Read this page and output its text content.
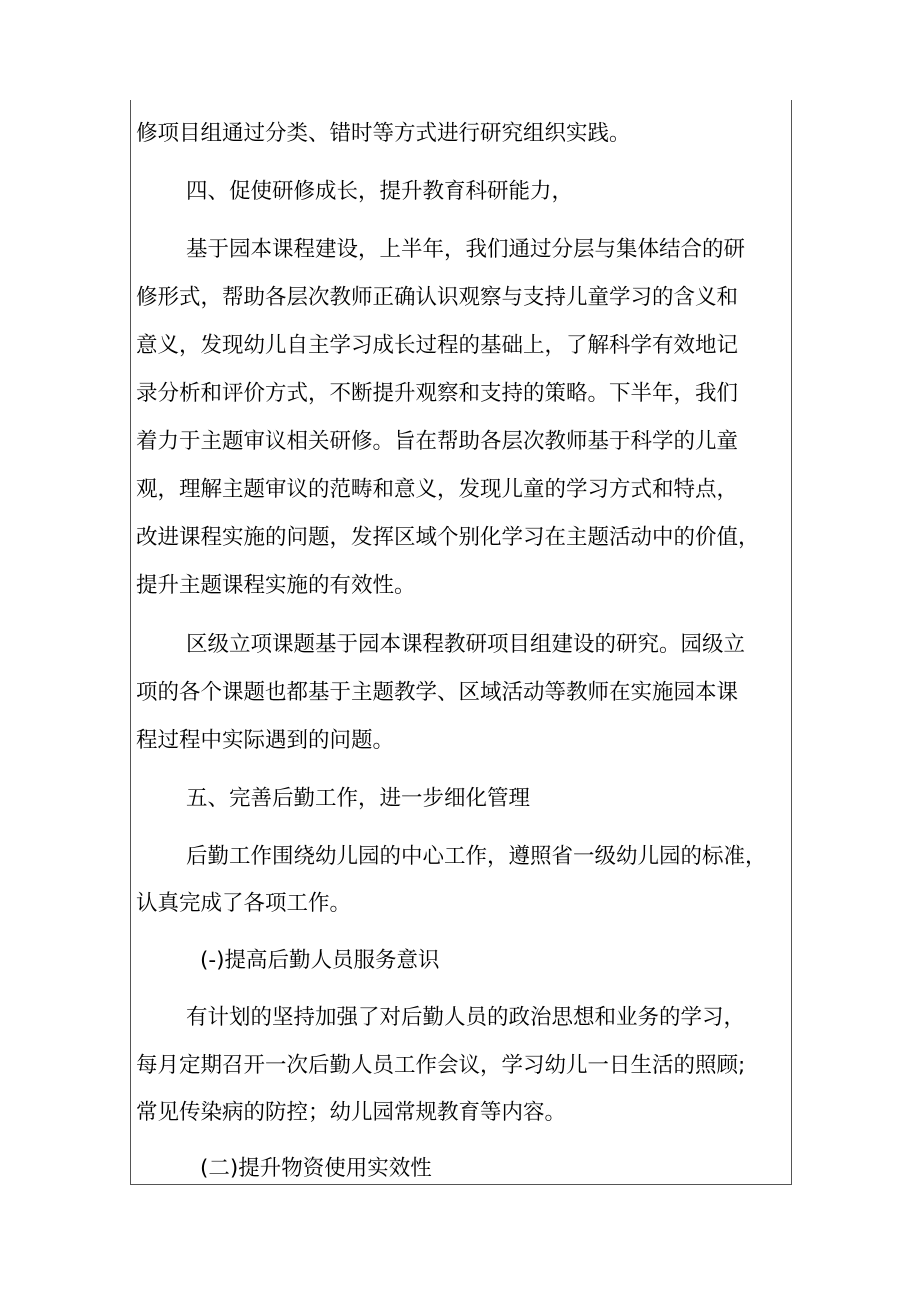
修项目组通过分类、错时等方式进行研究组织实践。
四、促使研修成长，提升教育科研能力，
基于园本课程建设，上半年，我们通过分层与集体结合的研
修形式，帮助各层次教师正确认识观察与支持儿童学习的含义和
意义，发现幼儿自主学习成长过程的基础上，了解科学有效地记
录分析和评价方式，不断提升观察和支持的策略。下半年，我们
着力于主题审议相关研修。旨在帮助各层次教师基于科学的儿童
观，理解主题审议的范畴和意义，发现儿童的学习方式和特点，
改进课程实施的问题，发挥区域个别化学习在主题活动中的价值，
提升主题课程实施的有效性。
区级立项课题基于园本课程教研项目组建设的研究。园级立
项的各个课题也都基于主题教学、区域活动等教师在实施园本课
程过程中实际遇到的问题。
五、完善后勤工作，进一步细化管理
后勤工作围绕幼儿园的中心工作，遵照省一级幼儿园的标准，
认真完成了各项工作。
(-)提高后勤人员服务意识
有计划的坚持加强了对后勤人员的政治思想和业务的学习，
每月定期召开一次后勤人员工作会议，学习幼儿一日生活的照顾;
常见传染病的防控；幼儿园常规教育等内容。
(二)提升物资使用实效性
